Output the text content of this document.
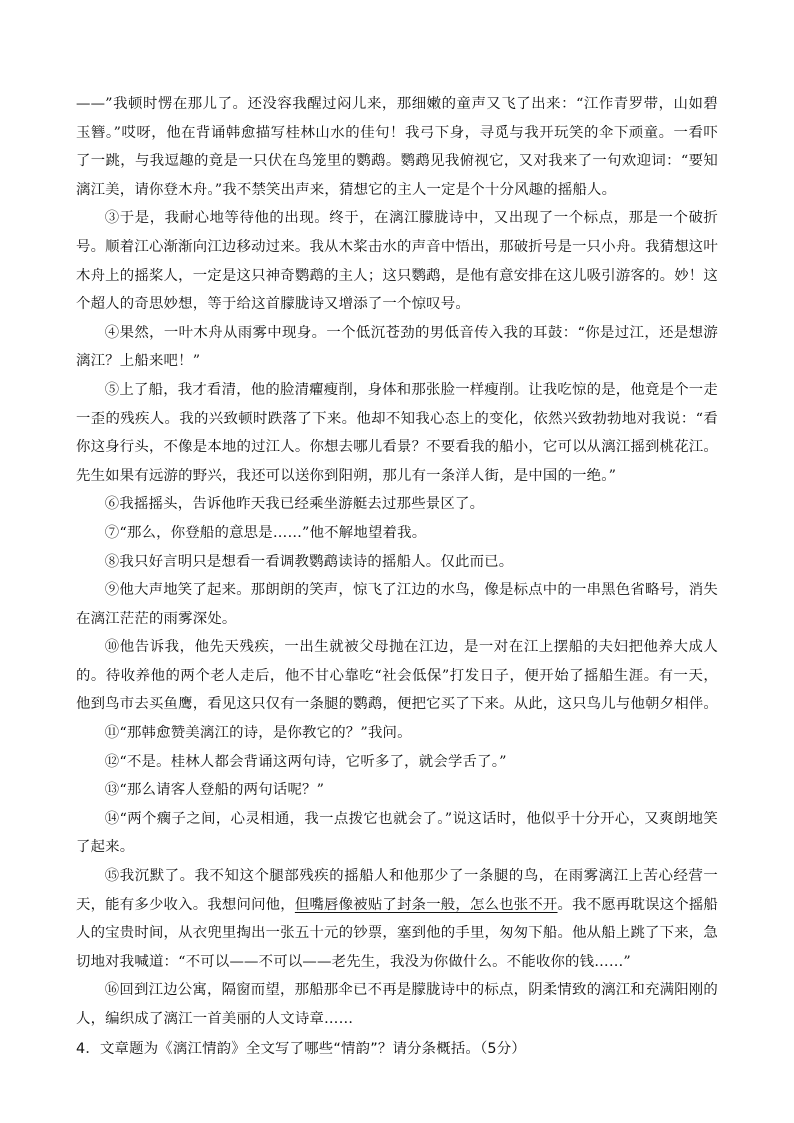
——”我顿时愣在那儿了。还没容我醒过闷儿来，那细嫩的童声又飞了出来：“江作青罗带，山如碧玉簪。”哎呀，他在背诵韩愈描写桂林山水的佳句！我弓下身，寻觅与我开玩笑的伞下顽童。一看吓了一跳，与我逗趣的竟是一只伏在鸟笼里的鹦鹉。鹦鹉见我俯视它，又对我来了一句欢迎词：“要知漓江美，请你登木舟。”我不禁笑出声来，猜想它的主人一定是个十分风趣的摇船人。

③于是，我耐心地等待他的出现。终于，在漓江朦胧诗中，又出现了一个标点，那是一个破折号。顺着江心渐渐向江边移动过来。我从木桨击水的声音中悟出，那破折号是一只小舟。我猜想这叶木舟上的摇桨人，一定是这只神奇鹦鹉的主人；这只鹦鹉，是他有意安排在这儿吸引游客的。妙！这个超人的奇思妙想，等于给这首朦胧诗又增添了一个惊叹号。

④果然，一叶木舟从雨雾中现身。一个低沉苍劲的男低音传入我的耳鼓：“你是过江，还是想游漓江？上船来吧！”

⑤上了船，我才看清，他的脸清癯瘦削，身体和那张脸一样瘦削。让我吃惊的是，他竟是个一走一歪的残疾人。我的兴致顿时跌落了下来。他却不知我心态上的变化，依然兴致勃勃地对我说：“看你这身行头，不像是本地的过江人。你想去哪儿看景？不要看我的船小，它可以从漓江摇到桃花江。先生如果有远游的野兴，我还可以送你到阳朔，那儿有一条洋人街，是中国的一绝。”

⑥我摇摇头，告诉他昨天我已经乘坐游艇去过那些景区了。

⑦“那么，你登船的意思是……”他不解地望着我。

⑧我只好言明只是想看一看调教鹦鹉读诗的摇船人。仅此而已。

⑨他大声地笑了起来。那朗朗的笑声，惊飞了江边的水鸟，像是标点中的一串黑色省略号，消失在漓江茫茫的雨雾深处。

⑩他告诉我，他先天残疾，一出生就被父母抛在江边，是一对在江上摆船的夫妇把他养大成人的。待收养他的两个老人走后，他不甘心靠吃“社会低保”打发日子，便开始了摇船生涯。有一天，他到鸟市去买鱼鹰，看见这只仅有一条腿的鹦鹉，便把它买了下来。从此，这只鸟儿与他朝夕相伴。

⑪“那韩愈赞美漓江的诗，是你教它的？”我问。

⑫“不是。桂林人都会背诵这两句诗，它听多了，就会学舌了。”

⑬“那么请客人登船的两句话呢？”

⑭“两个瘸子之间，心灵相通，我一点拨它也就会了。”说这话时，他似乎十分开心，又爽朗地笑了起来。

⑮我沉默了。我不知这个腿部残疾的摇船人和他那少了一条腿的鸟，在雨雾漓江上苦心经营一天，能有多少收入。我想问问他，但嘴唇像被贴了封条一般，怎么也张不开。我不愿再耽误这个摇船人的宝贵时间，从衣兜里掏出一张五十元的钞票，塞到他的手里，匆匆下船。他从船上跳了下来，急切地对我喊道：“不可以——不可以——老先生，我没为你做什么。不能收你的钱……”

⑯回到江边公寓，隔窗而望，那船那伞已不再是朦胧诗中的标点，阴柔情致的漓江和充满阳刚的人，编织成了漓江一首美丽的人文诗章……

4．文章题为《漓江情韵》全文写了哪些“情韵”？请分条概括。（5分）
